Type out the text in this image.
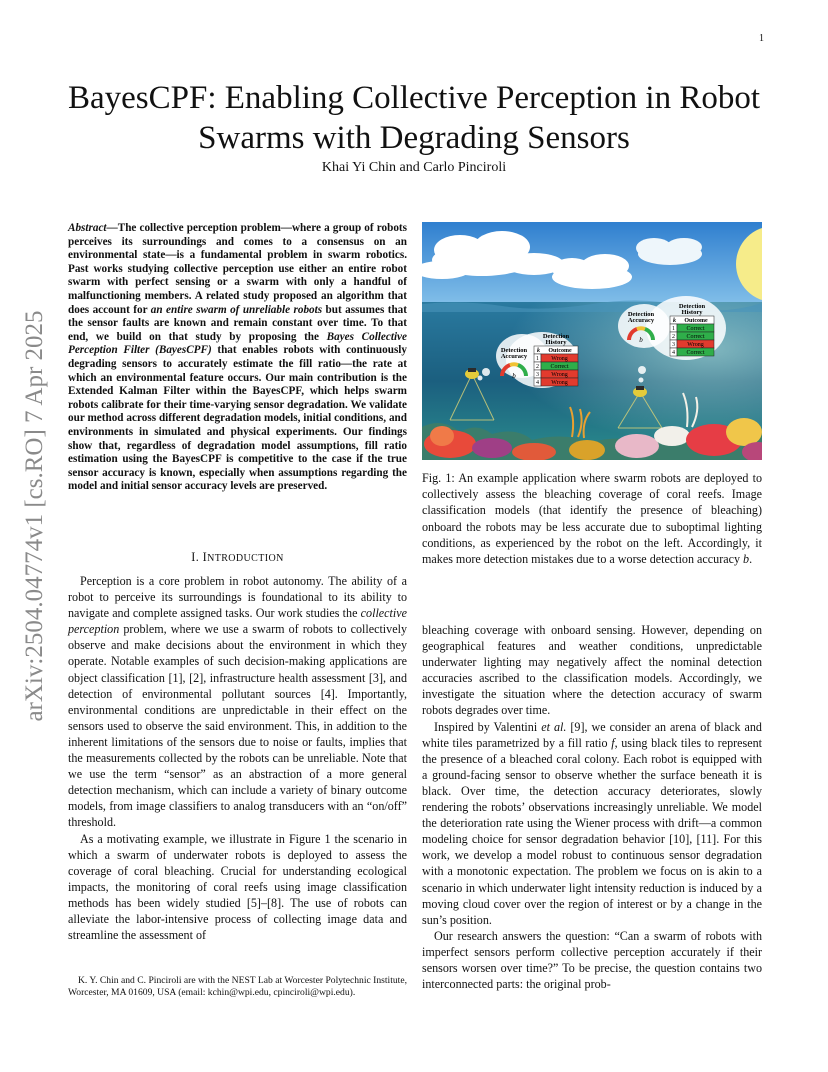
1
arXiv:2504.04774v1 [cs.RO] 7 Apr 2025
BayesCPF: Enabling Collective Perception in Robot Swarms with Degrading Sensors
Khai Yi Chin and Carlo Pinciroli
Abstract—The collective perception problem—where a group of robots perceives its surroundings and comes to a consensus on an environmental state—is a fundamental problem in swarm robotics. Past works studying collective perception use either an entire robot swarm with perfect sensing or a swarm with only a handful of malfunctioning members. A related study proposed an algorithm that does account for an entire swarm of unreliable robots but assumes that the sensor faults are known and remain constant over time. To that end, we build on that study by proposing the Bayes Collective Perception Filter (BayesCPF) that enables robots with continuously degrading sensors to accurately estimate the fill ratio—the rate at which an environmental feature occurs. Our main contribution is the Extended Kalman Filter within the BayesCPF, which helps swarm robots calibrate for their time-varying sensor degradation. We validate our method across different degradation models, initial conditions, and environments in simulated and physical experiments. Our findings show that, regardless of degradation model assumptions, fill ratio estimation using the BayesCPF is competitive to the case if the true sensor accuracy is known, especially when assumptions regarding the model and initial sensor accuracy levels are preserved.
I. INTRODUCTION

Perception is a core problem in robot autonomy. The ability of a robot to perceive its surroundings is foundational to its ability to navigate and complete assigned tasks. Our work studies the collective perception problem, where we use a swarm of robots to collectively observe and make decisions about the environment in which they operate. Notable examples of such decision-making applications are object classification [1], [2], infrastructure health assessment [3], and detection of environmental pollutant sources [4]. Importantly, environmental conditions are unpredictable in their effect on the sensors used to observe the said environment. This, in addition to the inherent limitations of the sensors due to noise or faults, implies that the measurements collected by the robots can be unreliable. Note that we use the term “sensor” as an abstraction of a more general detection mechanism, which can include a variety of binary outcome models, from image classifiers to analog transducers with an “on/off” threshold.

As a motivating example, we illustrate in Figure 1 the scenario in which a swarm of underwater robots is deployed to assess the coverage of coral bleaching. Crucial for understanding ecological impacts, the monitoring of coral reefs using image classification methods has been widely studied [5]–[8]. The use of robots can alleviate the labor-intensive process of collecting image data and streamline the assessment of

K. Y. Chin and C. Pinciroli are with the NEST Lab at Worcester Polytechnic Institute, Worcester, MA 01609, USA (email: kchin@wpi.edu, cpinciroli@wpi.edu).

Detection
Accuracy
b
Detection
History
k Outcome
1 Wrong
2 Correct
3 Wrong
4 Wrong
Detection
Accuracy
b
Detection
History
k Outcome
1 Correct
2 Correct
3 Wrong
4 Correct
Fig. 1: An example application where swarm robots are deployed to collectively assess the bleaching coverage of coral reefs. Image classification models (that identify the presence of bleaching) onboard the robots may be less accurate due to suboptimal lighting conditions, as experienced by the robot on the left. Accordingly, it makes more detection mistakes due to a worse detection accuracy b.

bleaching coverage with onboard sensing. However, depending on geographical features and weather conditions, unpredictable underwater lighting may negatively affect the nominal detection accuracies ascribed to the classification models. Accordingly, we investigate the situation where the detection accuracy of swarm robots degrades over time.

Inspired by Valentini et al. [9], we consider an arena of black and white tiles parametrized by a fill ratio f, using black tiles to represent the presence of a bleached coral colony. Each robot is equipped with a ground-facing sensor to observe whether the surface beneath it is black. Over time, the detection accuracy deteriorates, slowly rendering the robots’ observations increasingly unreliable. We model the deterioration rate using the Wiener process with drift—a common modeling choice for sensor degradation behavior [10], [11]. For this work, we develop a model robust to continuous sensor degradation with a monotonic expectation. The problem we focus on is akin to a scenario in which underwater light intensity reduction is induced by a moving cloud cover over the region of interest or by a change in the sun’s position.

Our research answers the question: “Can a swarm of robots with imperfect sensors perform collective perception accurately if their sensors worsen over time?” To be precise, the question contains two interconnected parts: the original prob-
